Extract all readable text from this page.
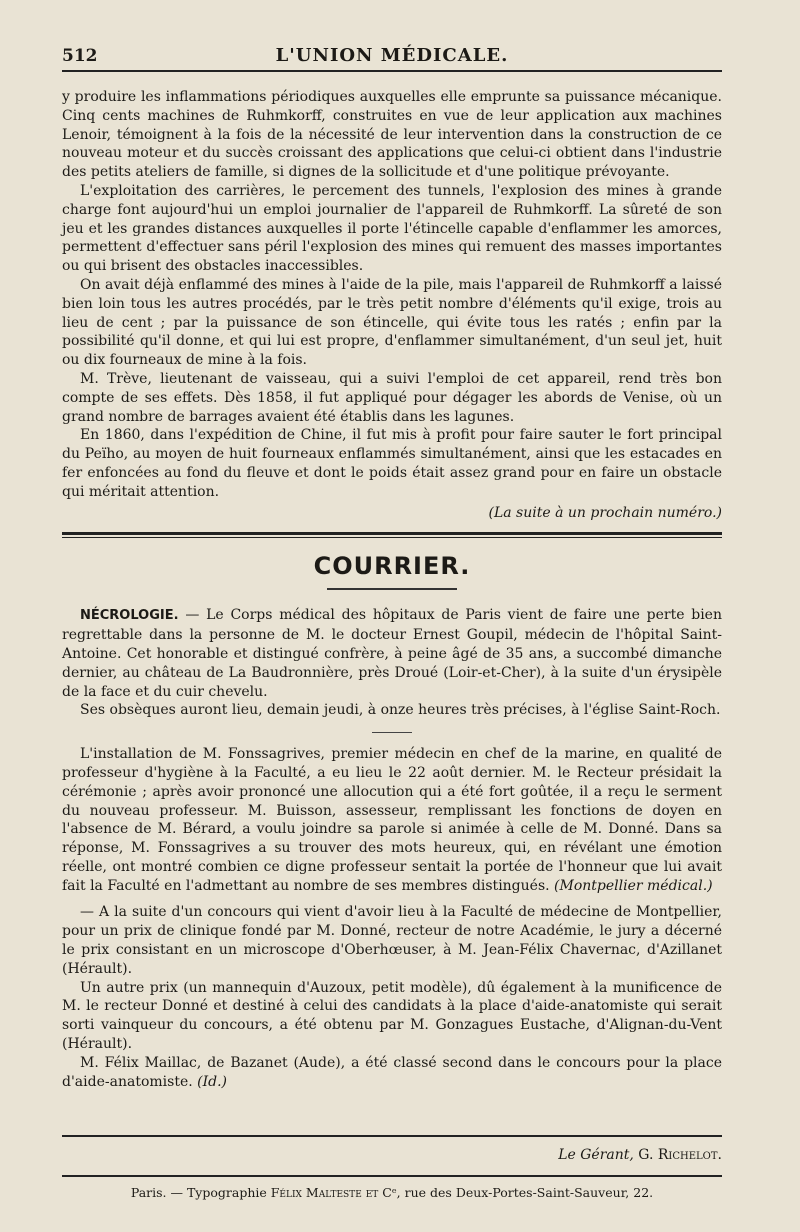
512	L'UNION MÉDICALE.

y produire les inflammations périodiques auxquelles elle emprunte sa puissance mécanique. Cinq cents machines de Ruhmkorff, construites en vue de leur application aux machines Lenoir, témoignent à la fois de la nécessité de leur intervention dans la construction de ce nouveau moteur et du succès croissant des applications que celui-ci obtient dans l'industrie des petits ateliers de famille, si dignes de la sollicitude et d'une politique prévoyante.

L'exploitation des carrières, le percement des tunnels, l'explosion des mines à grande charge font aujourd'hui un emploi journalier de l'appareil de Ruhmkorff. La sûreté de son jeu et les grandes distances auxquelles il porte l'étincelle capable d'enflammer les amorces, permettent d'effectuer sans péril l'explosion des mines qui remuent des masses importantes ou qui brisent des obstacles inaccessibles.

On avait déjà enflammé des mines à l'aide de la pile, mais l'appareil de Ruhmkorff a laissé bien loin tous les autres procédés, par le très petit nombre d'éléments qu'il exige, trois au lieu de cent ; par la puissance de son étincelle, qui évite tous les ratés ; enfin par la possibilité qu'il donne, et qui lui est propre, d'enflammer simultanément, d'un seul jet, huit ou dix fourneaux de mine à la fois.

M. Trève, lieutenant de vaisseau, qui a suivi l'emploi de cet appareil, rend très bon compte de ses effets. Dès 1858, il fut appliqué pour dégager les abords de Venise, où un grand nombre de barrages avaient été établis dans les lagunes.

En 1860, dans l'expédition de Chine, il fut mis à profit pour faire sauter le fort principal du Peïho, au moyen de huit fourneaux enflammés simultanément, ainsi que les estacades en fer enfoncées au fond du fleuve et dont le poids était assez grand pour en faire un obstacle qui méritait attention.

(La suite à un prochain numéro.)
COURRIER.

NÉCROLOGIE. — Le Corps médical des hôpitaux de Paris vient de faire une perte bien regrettable dans la personne de M. le docteur Ernest Goupil, médecin de l'hôpital Saint-Antoine. Cet honorable et distingué confrère, à peine âgé de 35 ans, a succombé dimanche dernier, au château de La Baudronnière, près Droué (Loir-et-Cher), à la suite d'un érysipèle de la face et du cuir chevelu.

Ses obsèques auront lieu, demain jeudi, à onze heures très précises, à l'église Saint-Roch.

L'installation de M. Fonssagrives, premier médecin en chef de la marine, en qualité de professeur d'hygiène à la Faculté, a eu lieu le 22 août dernier. M. le Recteur présidait la cérémonie ; après avoir prononcé une allocution qui a été fort goûtée, il a reçu le serment du nouveau professeur. M. Buisson, assesseur, remplissant les fonctions de doyen en l'absence de M. Bérard, a voulu joindre sa parole si animée à celle de M. Donné. Dans sa réponse, M. Fonssagrives a su trouver des mots heureux, qui, en révélant une émotion réelle, ont montré combien ce digne professeur sentait la portée de l'honneur que lui avait fait la Faculté en l'admettant au nombre de ses membres distingués. (Montpellier médical.)

— A la suite d'un concours qui vient d'avoir lieu à la Faculté de médecine de Montpellier, pour un prix de clinique fondé par M. Donné, recteur de notre Académie, le jury a décerné le prix consistant en un microscope d'Oberhœuser, à M. Jean-Félix Chavernac, d'Azillanet (Hérault).

Un autre prix (un mannequin d'Auzoux, petit modèle), dû également à la munificence de M. le recteur Donné et destiné à celui des candidats à la place d'aide-anatomiste qui serait sorti vainqueur du concours, a été obtenu par M. Gonzagues Eustache, d'Alignan-du-Vent (Hérault).

M. Félix Maillac, de Bazanet (Aude), a été classé second dans le concours pour la place d'aide-anatomiste. (Id.)

Le Gérant, G. Richelot.
Paris. — Typographie Félix Malteste et Cᵉ, rue des Deux-Portes-Saint-Sauveur, 22.
